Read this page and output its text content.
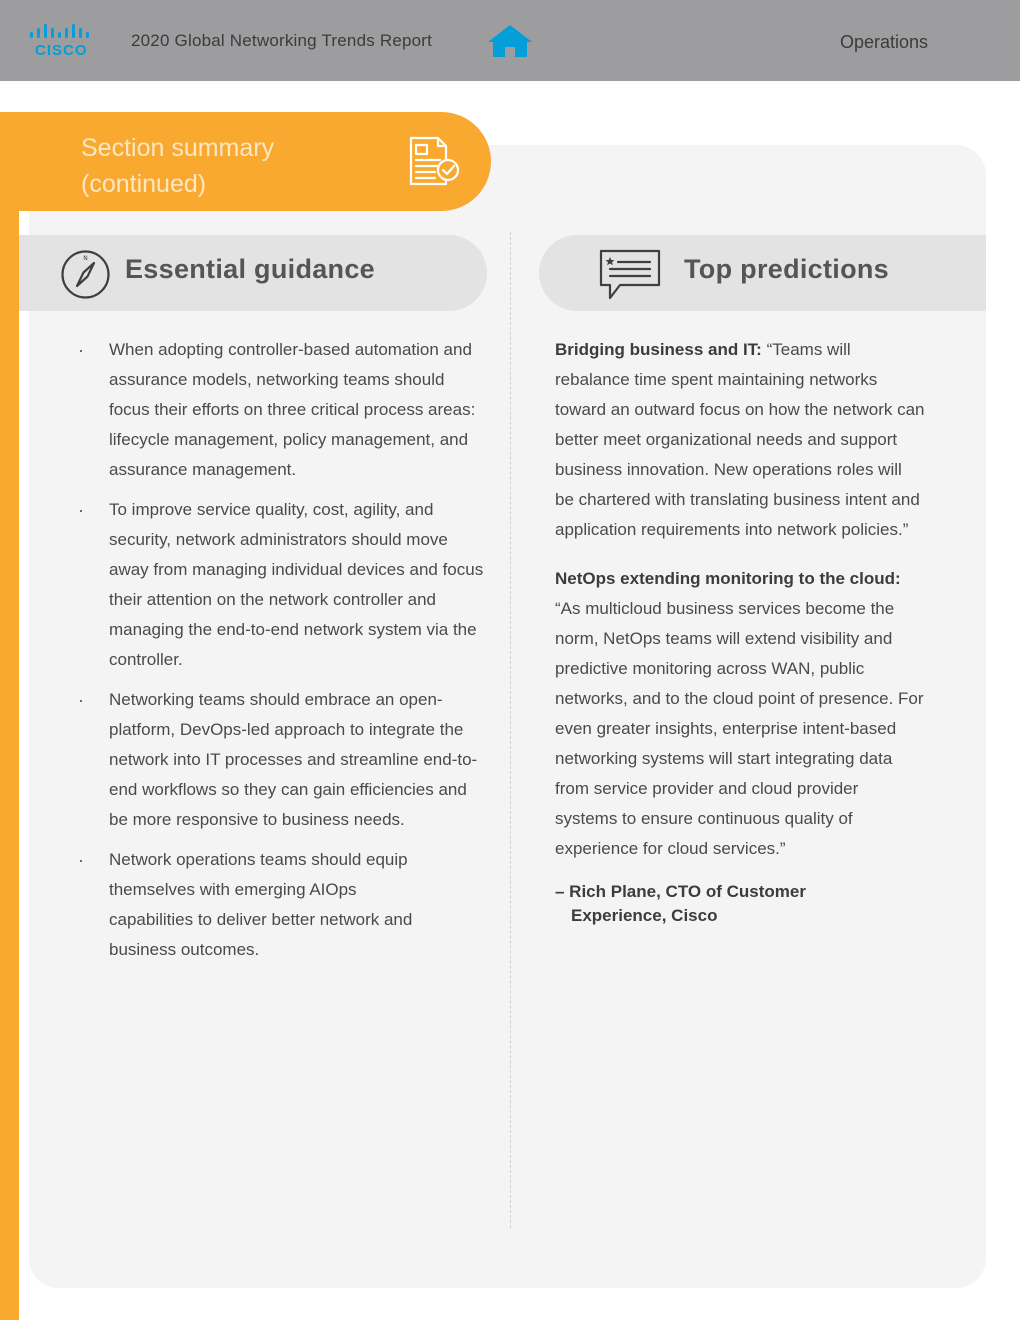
CISCO
2020 Global Networking Trends Report	Operations
Section summary
(continued)
N Essential guidance
· When adopting controller-based automation and assurance models, networking teams should focus their efforts on three critical process areas: lifecycle management, policy management, and assurance management.
· To improve service quality, cost, agility, and security, network administrators should move away from managing individual devices and focus their attention on the network controller and managing the end-to-end network system via the controller.
· Networking teams should embrace an open-platform, DevOps-led approach to integrate the network into IT processes and streamline end-to-end workflows so they can gain efficiencies and be more responsive to business needs.
· Network operations teams should equip themselves with emerging AIOps capabilities to deliver better network and business outcomes.
Top predictions

Bridging business and IT: “Teams will rebalance time spent maintaining networks toward an outward focus on how the network can better meet organizational needs and support business innovation. New operations roles will be chartered with translating business intent and application requirements into network policies.”

NetOps extending monitoring to the cloud: “As multicloud business services become the norm, NetOps teams will extend visibility and predictive monitoring across WAN, public networks, and to the cloud point of presence. For even greater insights, enterprise intent-based networking systems will start integrating data from service provider and cloud provider systems to ensure continuous quality of experience for cloud services.”

– Rich Plane, CTO of Customer
Experience, Cisco
